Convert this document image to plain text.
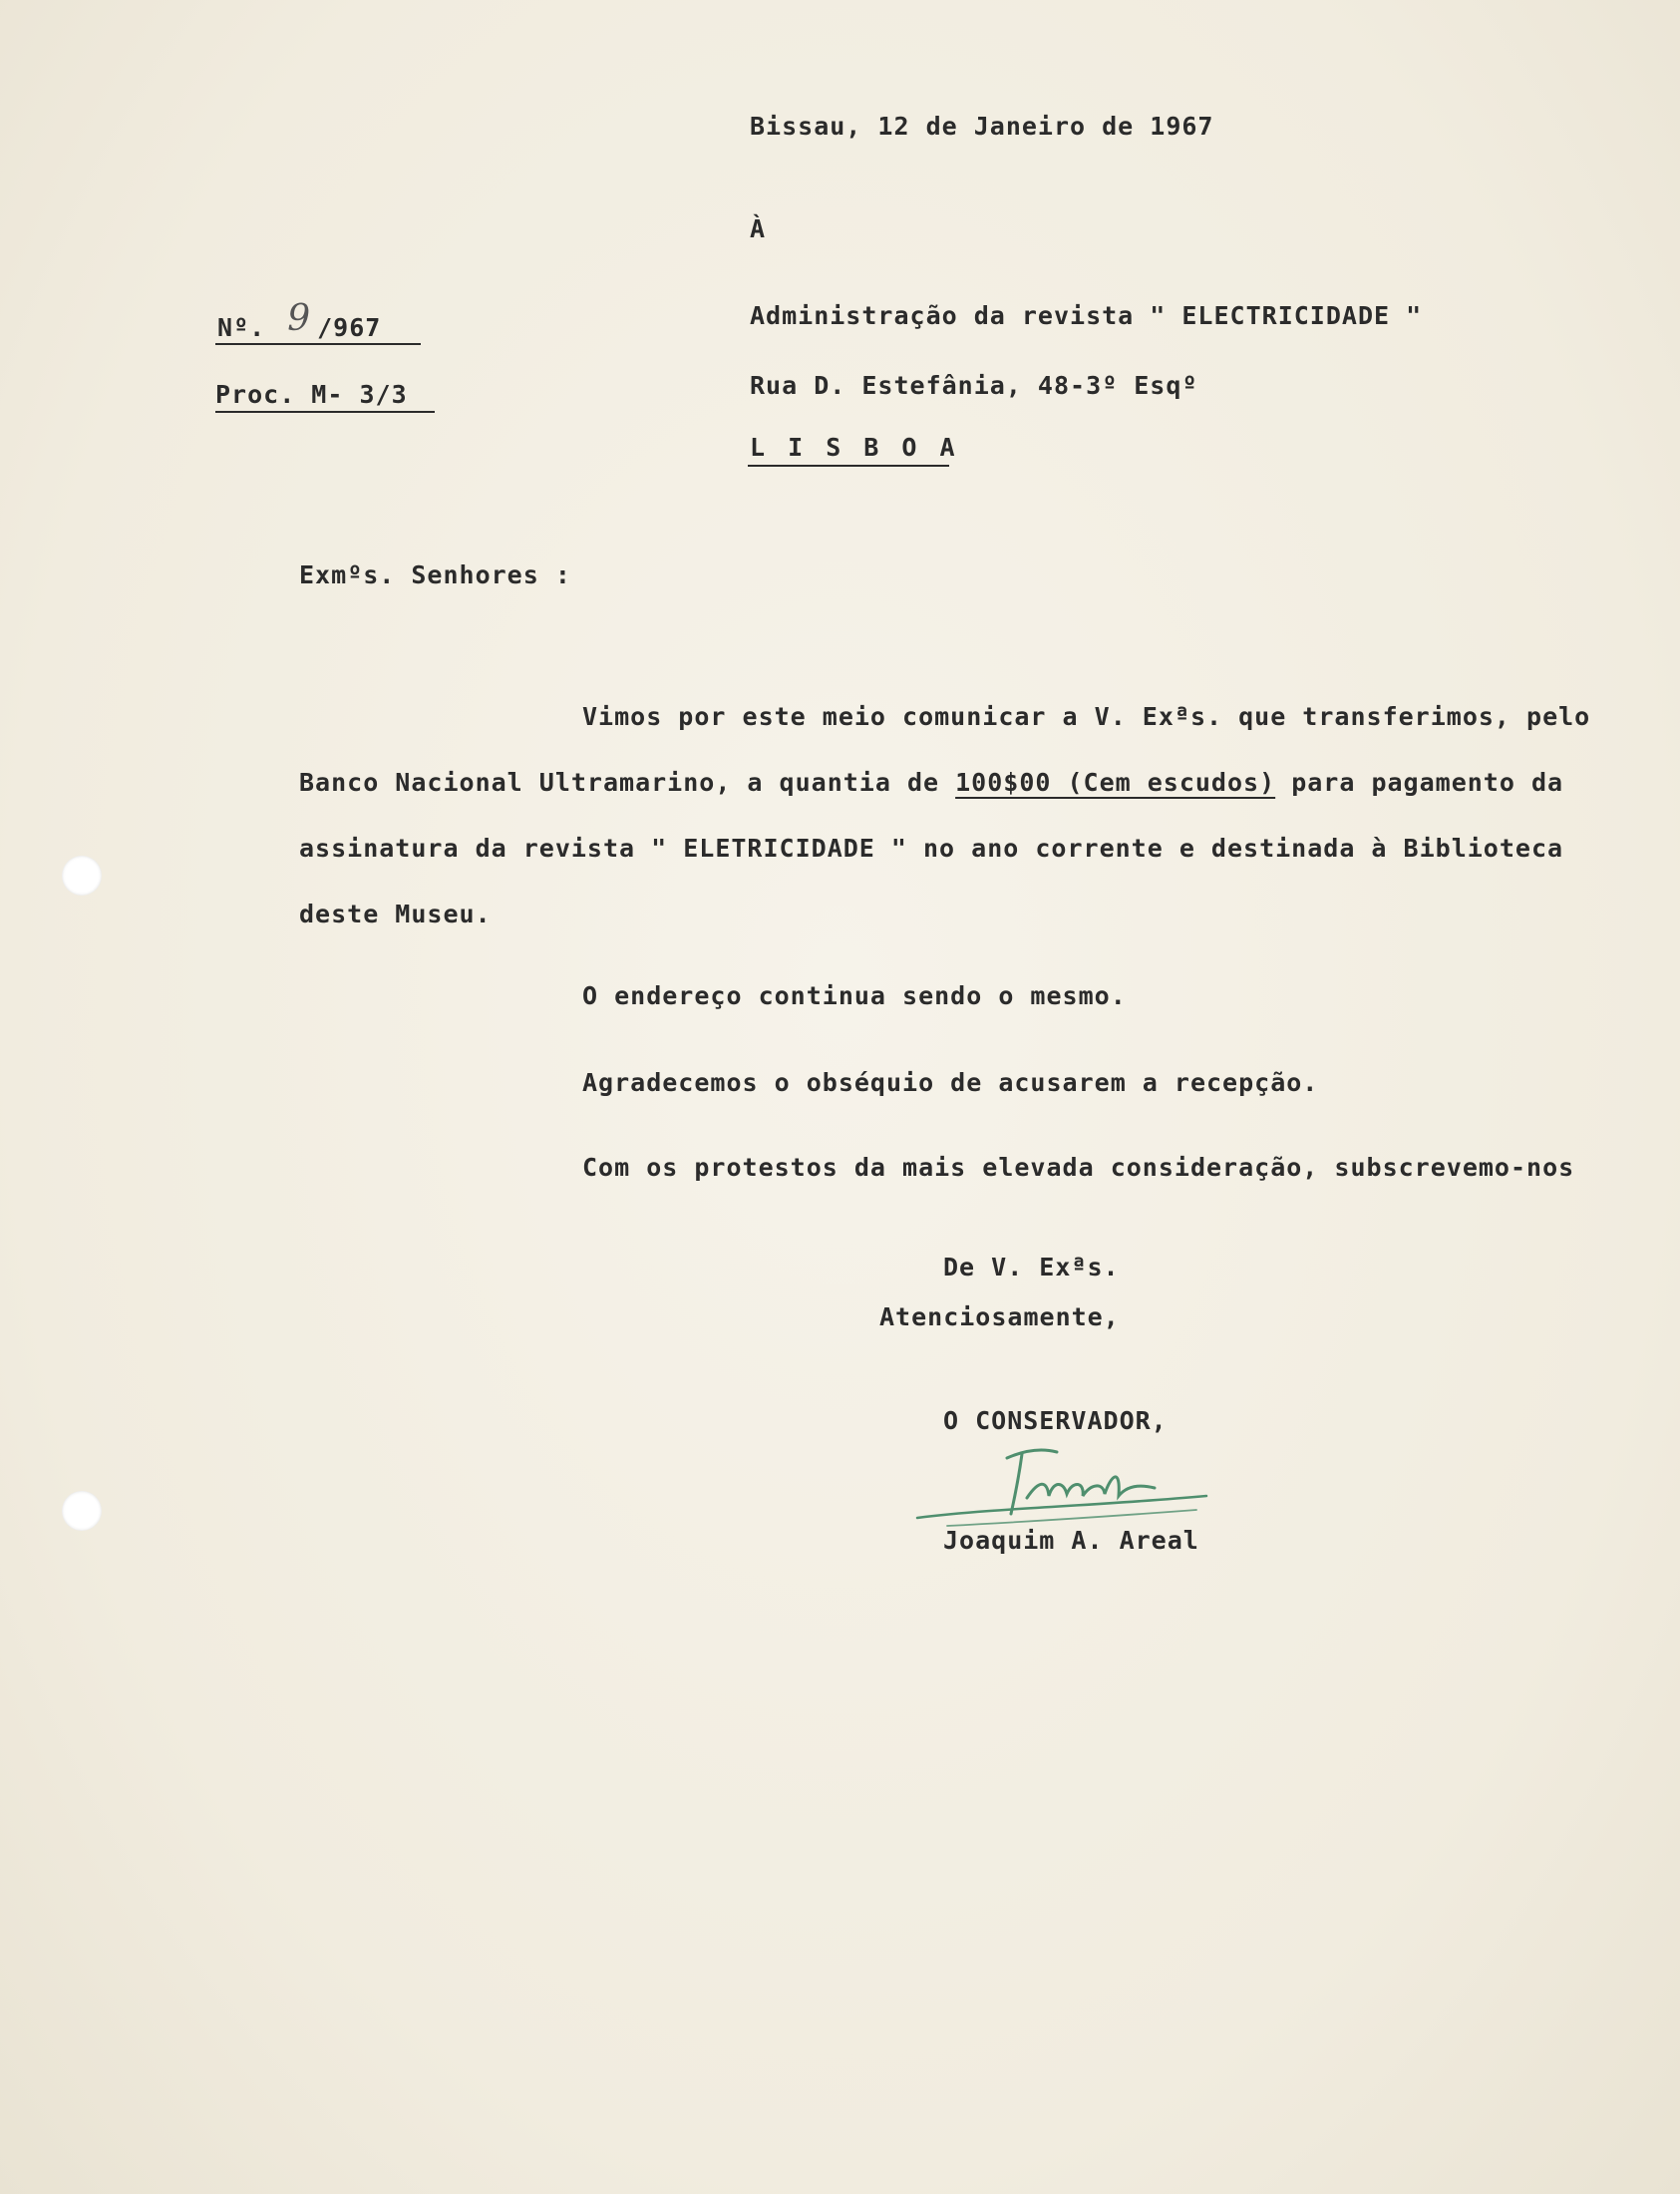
Bissau, 12 de Janeiro de 1967
À
Nº. 9 /967
Proc. M- 3/3
Administração da revista " ELECTRICIDADE "
Rua D. Estefânia, 48-3º Esqº
L I S B O A
Exmºs. Senhores :
Vimos por este meio comunicar a V. Exªs. que transferimos, pelo
Banco Nacional Ultramarino, a quantia de 100$00 (Cem escudos) para pagamento da
assinatura da revista " ELETRICIDADE " no ano corrente e destinada à Biblioteca
deste Museu.
O endereço continua sendo o mesmo.
Agradecemos o obséquio de acusarem a recepção.
Com os protestos da mais elevada consideração, subscrevemo-nos
De V. Exªs.
Atenciosamente,
O CONSERVADOR,
Joaquim A. Areal
